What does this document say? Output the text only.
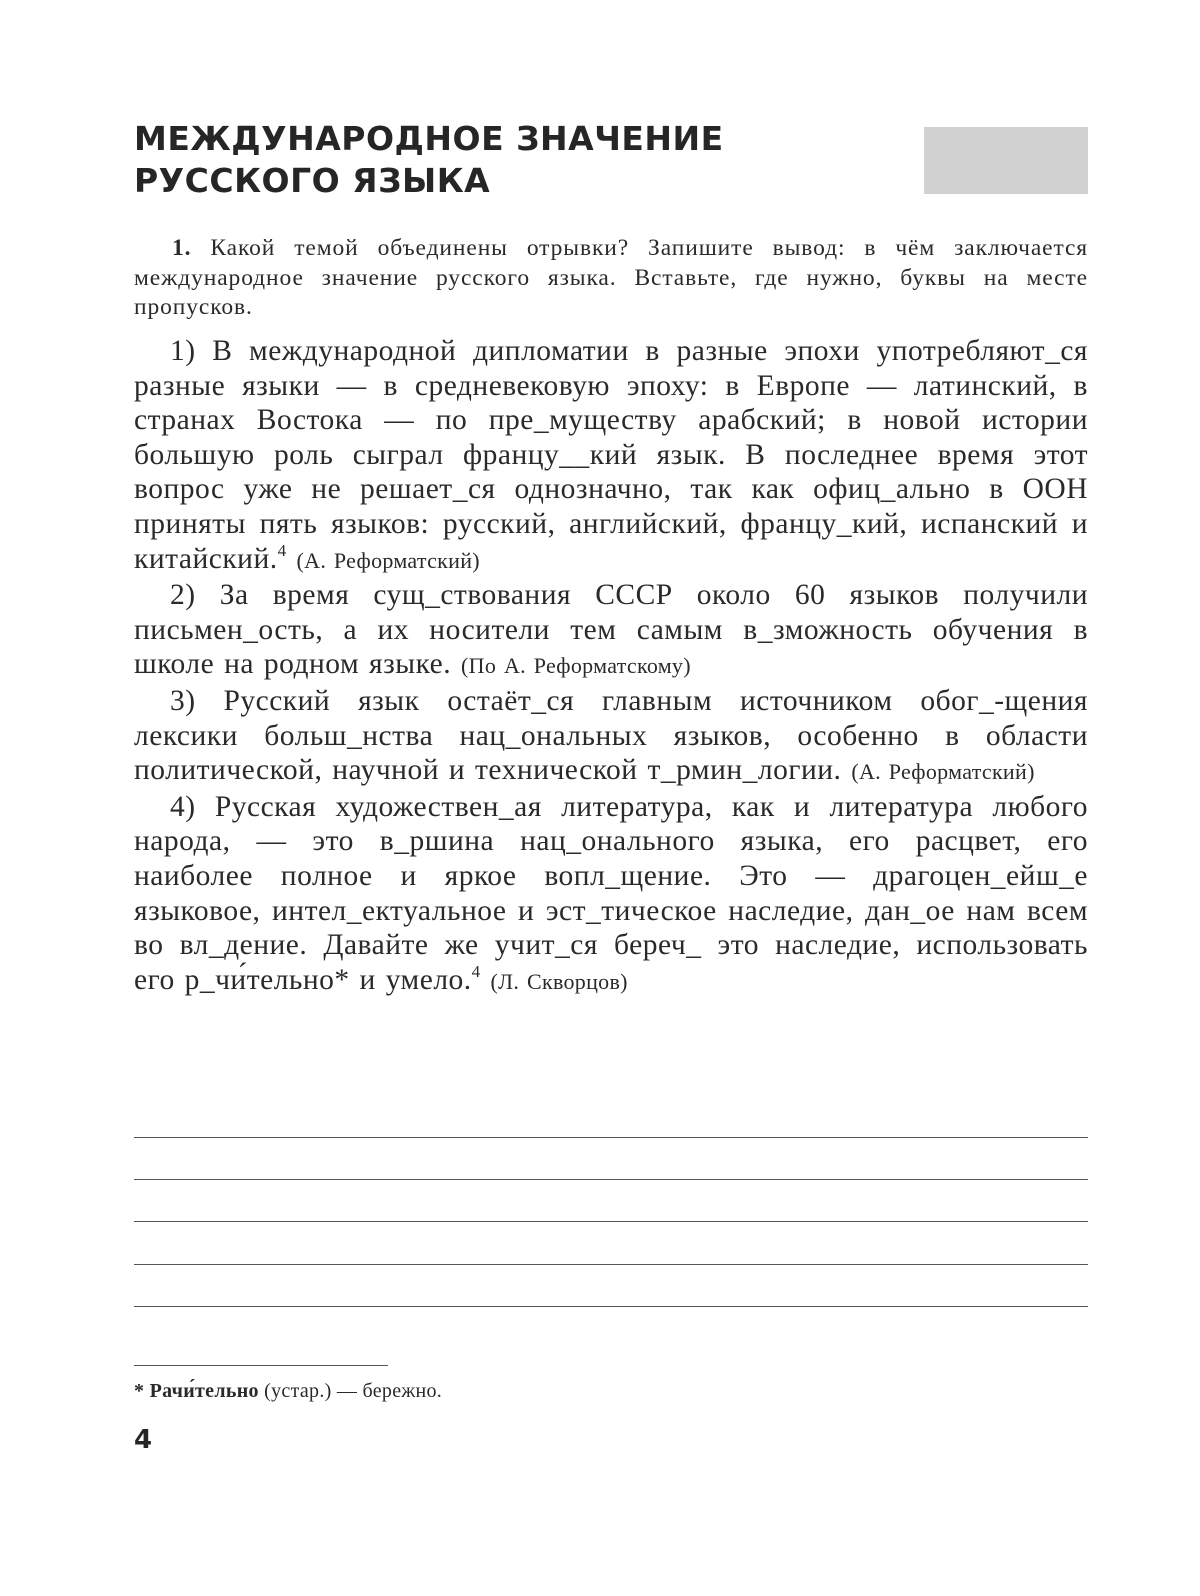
МЕЖДУНАРОДНОЕ ЗНАЧЕНИЕ РУССКОГО ЯЗЫКА

1. Какой темой объединены отрывки? Запишите вывод: в чём заключается международное значение русского языка. Вставьте, где нужно, буквы на месте пропусков.

1) В международной дипломатии в разные эпохи употребляют_ся разные языки — в средневековую эпоху: в Европе — латинский, в странах Востока — по пре_муществу арабский; в новой истории большую роль сыграл францу__кий язык. В последнее время этот вопрос уже не решает_ся однозначно, так как офиц_ально в ООН приняты пять языков: русский, английский, францу_кий, испанский и китайский.$^4$ (А. Реформатский)

2) За время сущ_ствования СССР около 60 языков получили письмен_ость, а их носители тем самым в_зможность обучения в школе на родном языке. (По А. Реформатскому)

3) Русский язык остаёт_ся главным источником обог_-щения лексики больш_нства нац_ональных языков, особенно в области политической, научной и технической т_рмин_логии. (А. Реформатский)

4) Русская художествен_ая литература, как и литература любого народа, — это в_ршина нац_онального языка, его расцвет, его наиболее полное и яркое вопл_щение. Это — драгоцен_ейш_е языковое, интел_ектуальное и эст_тическое наследие, дан_ое нам всем во вл_дение. Давайте же учит_ся береч_ это наследие, использовать его р_чи́тельно* и умело.$^4$ (Л. Скворцов)

* Рачи́тельно (устар.) — бережно.

4
